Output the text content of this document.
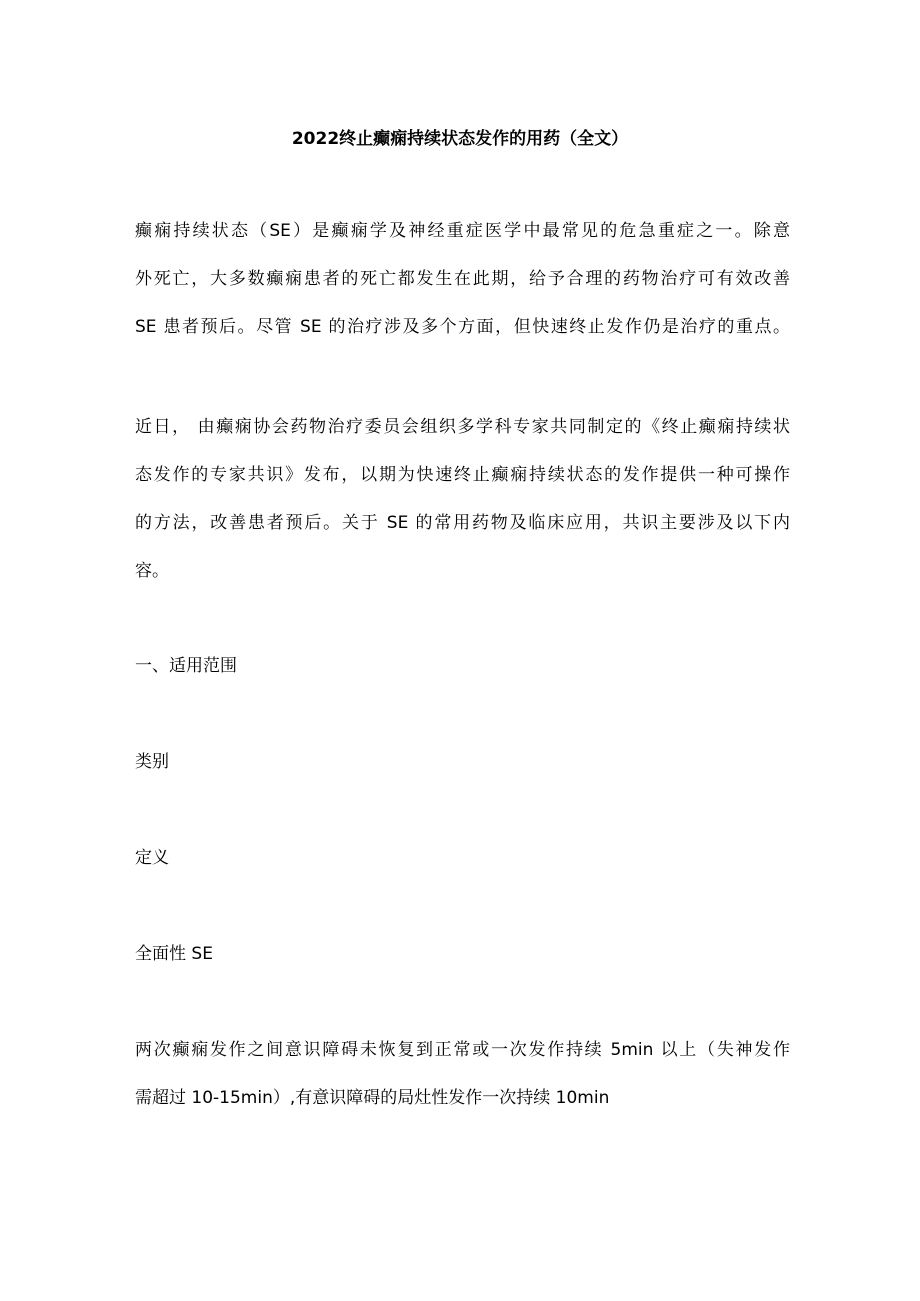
2022终止癫痫持续状态发作的用药（全文）

癫痫持续状态（SE）是癫痫学及神经重症医学中最常见的危急重症之一。除意
外死亡，大多数癫痫患者的死亡都发生在此期，给予合理的药物治疗可有效改善
SE 患者预后。尽管 SE 的治疗涉及多个方面，但快速终止发作仍是治疗的重点。

近日， 由癫痫协会药物治疗委员会组织多学科专家共同制定的《终止癫痫持续状
态发作的专家共识》发布，以期为快速终止癫痫持续状态的发作提供一种可操作
的方法，改善患者预后。关于 SE 的常用药物及临床应用，共识主要涉及以下内
容。

一、适用范围
类别
定义
全面性 SE

两次癫痫发作之间意识障碍未恢复到正常或一次发作持续 5min 以上（失神发作
需超过 10-15min）,有意识障碍的局灶性发作一次持续 10min
